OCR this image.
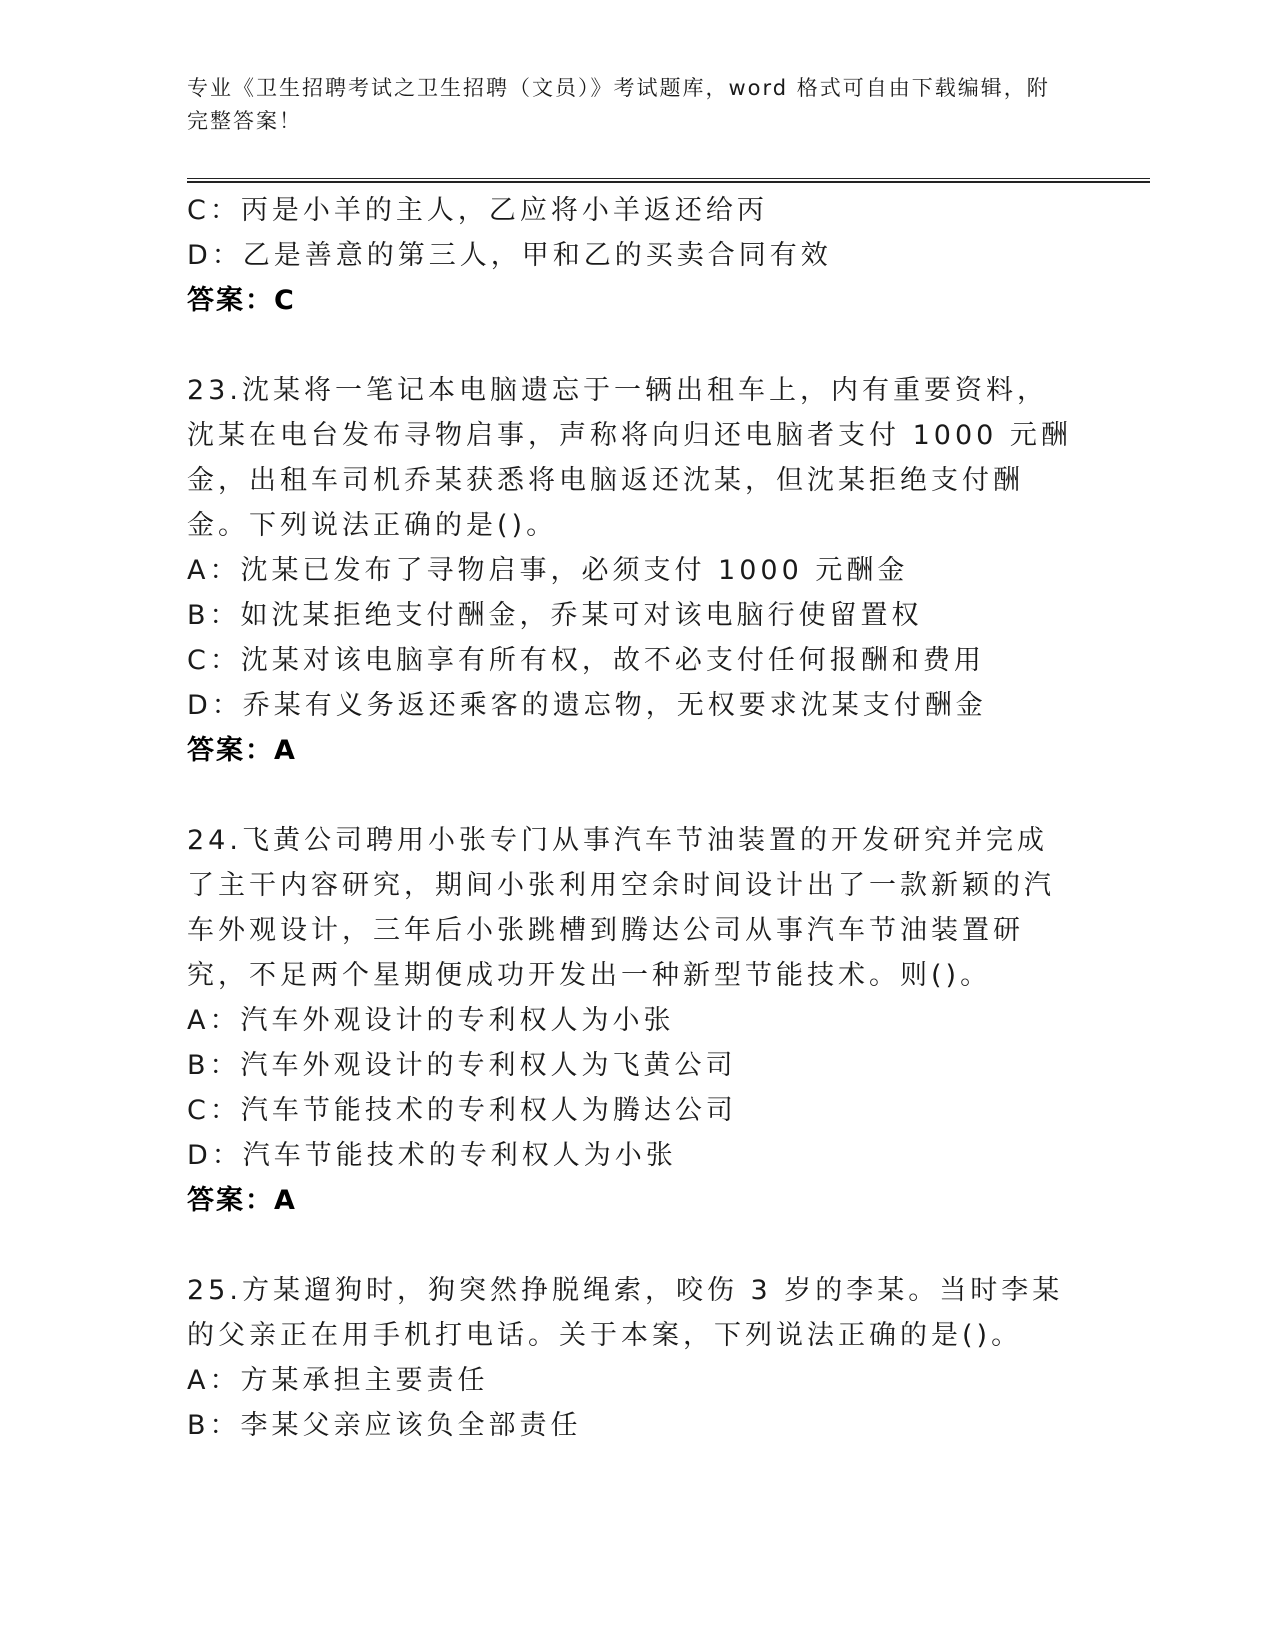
专业《卫生招聘考试之卫生招聘（文员）》考试题库，word 格式可自由下载编辑，附完整答案！
C：丙是小羊的主人，乙应将小羊返还给丙
D：乙是善意的第三人，甲和乙的买卖合同有效
答案：C
23.沈某将一笔记本电脑遗忘于一辆出租车上，内有重要资料，沈某在电台发布寻物启事，声称将向归还电脑者支付 1000 元酬金，出租车司机乔某获悉将电脑返还沈某，但沈某拒绝支付酬金。下列说法正确的是()。
A：沈某已发布了寻物启事，必须支付 1000 元酬金
B：如沈某拒绝支付酬金，乔某可对该电脑行使留置权
C：沈某对该电脑享有所有权，故不必支付任何报酬和费用
D：乔某有义务返还乘客的遗忘物，无权要求沈某支付酬金
答案：A
24.飞黄公司聘用小张专门从事汽车节油装置的开发研究并完成了主干内容研究，期间小张利用空余时间设计出了一款新颖的汽车外观设计，三年后小张跳槽到腾达公司从事汽车节油装置研究，不足两个星期便成功开发出一种新型节能技术。则()。
A：汽车外观设计的专利权人为小张
B：汽车外观设计的专利权人为飞黄公司
C：汽车节能技术的专利权人为腾达公司
D：汽车节能技术的专利权人为小张
答案：A
25.方某遛狗时，狗突然挣脱绳索，咬伤 3 岁的李某。当时李某的父亲正在用手机打电话。关于本案，下列说法正确的是()。
A：方某承担主要责任
B：李某父亲应该负全部责任
